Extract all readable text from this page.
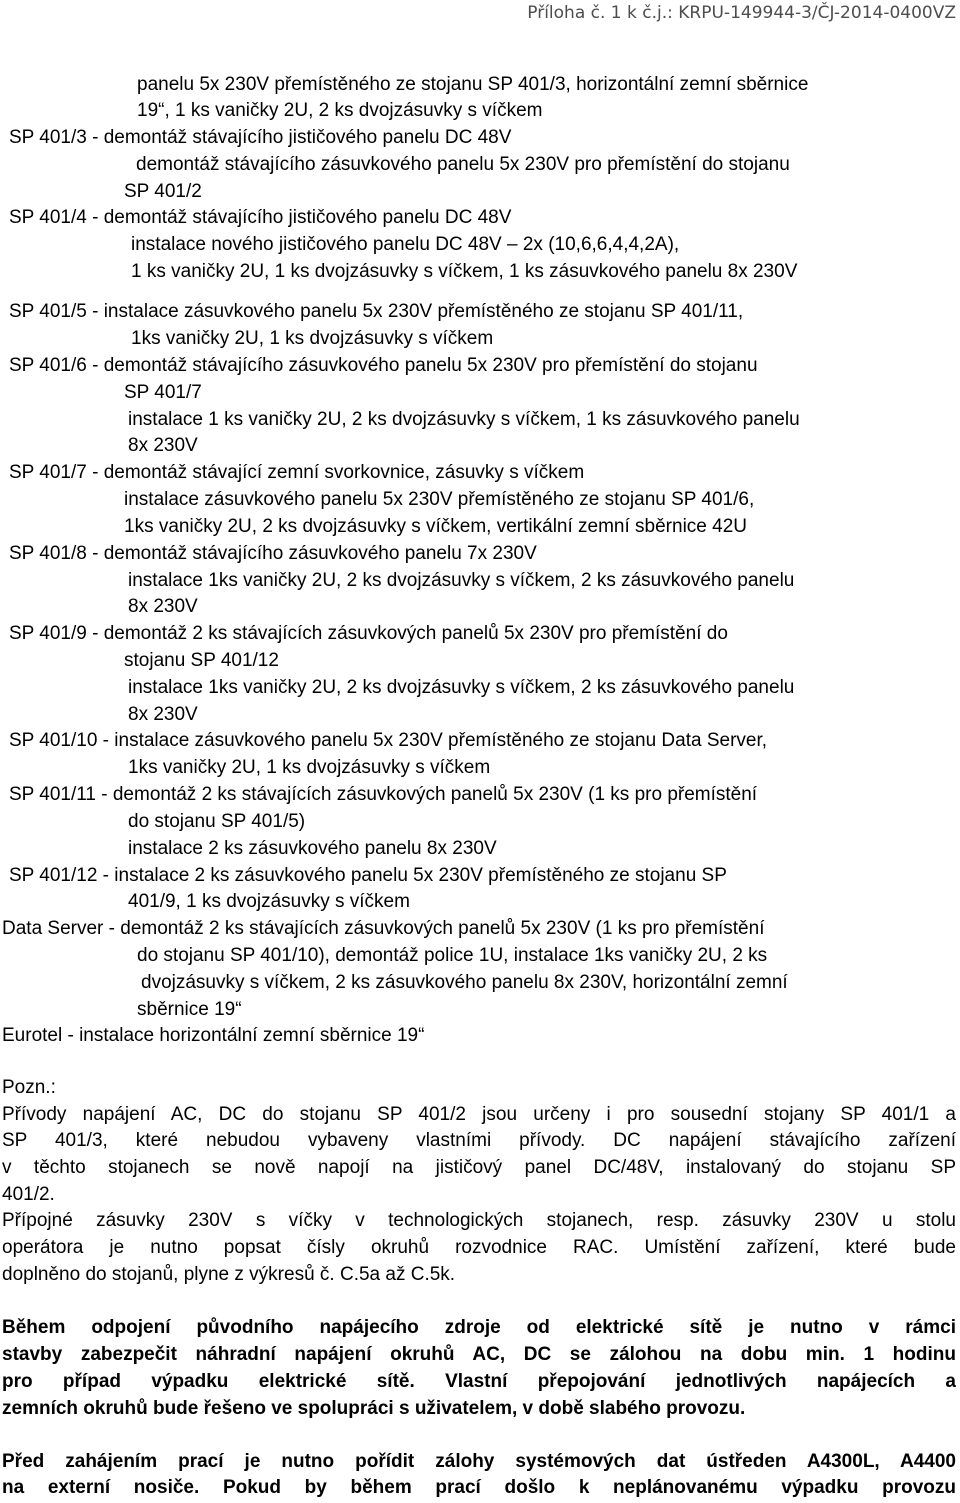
Příloha č. 1 k č.j.: KRPU-149944-3/ČJ-2014-0400VZ
panelu 5x 230V přemístěného ze stojanu SP 401/3, horizontální zemní sběrnice
19“, 1 ks vaničky 2U, 2 ks dvojzásuvky s víčkem
SP 401/3 - demontáž stávajícího jističového panelu DC 48V
demontáž stávajícího zásuvkového panelu 5x 230V pro přemístění do stojanu
SP 401/2
SP 401/4 - demontáž stávajícího jističového panelu DC 48V
instalace nového jističového panelu DC 48V – 2x (10,6,6,4,4,2A),
1 ks vaničky 2U, 1 ks dvojzásuvky s víčkem, 1 ks zásuvkového panelu 8x 230V
SP 401/5 - instalace zásuvkového panelu 5x 230V přemístěného ze stojanu SP 401/11,
1ks vaničky 2U, 1 ks dvojzásuvky s víčkem
SP 401/6 - demontáž stávajícího zásuvkového panelu 5x 230V pro přemístění do stojanu
SP 401/7
instalace 1 ks vaničky 2U, 2 ks dvojzásuvky s víčkem, 1 ks zásuvkového panelu
8x 230V
SP 401/7 - demontáž stávající zemní svorkovnice, zásuvky s víčkem
instalace zásuvkového panelu 5x 230V přemístěného ze stojanu SP 401/6,
1ks vaničky 2U, 2 ks dvojzásuvky s víčkem, vertikální zemní sběrnice 42U
SP 401/8 - demontáž stávajícího zásuvkového panelu 7x 230V
instalace 1ks vaničky 2U, 2 ks dvojzásuvky s víčkem, 2 ks zásuvkového panelu
8x 230V
SP 401/9 - demontáž 2 ks stávajících zásuvkových panelů 5x 230V pro přemístění do
stojanu SP 401/12
instalace 1ks vaničky 2U, 2 ks dvojzásuvky s víčkem, 2 ks zásuvkového panelu
8x 230V
SP 401/10 - instalace zásuvkového panelu 5x 230V přemístěného ze stojanu Data Server,
1ks vaničky 2U, 1 ks dvojzásuvky s víčkem
SP 401/11 - demontáž 2 ks stávajících zásuvkových panelů 5x 230V (1 ks pro přemístění
do stojanu SP 401/5)
instalace 2 ks zásuvkového panelu 8x 230V
SP 401/12 - instalace 2 ks zásuvkového panelu 5x 230V přemístěného ze stojanu SP
401/9, 1 ks dvojzásuvky s víčkem
Data Server - demontáž 2 ks stávajících zásuvkových panelů 5x 230V (1 ks pro přemístění
do stojanu SP 401/10), demontáž police 1U, instalace 1ks vaničky 2U, 2 ks
dvojzásuvky s víčkem, 2 ks zásuvkového panelu 8x 230V, horizontální zemní
sběrnice 19“
Eurotel - instalace horizontální zemní sběrnice 19“
Pozn.:
Přívody napájení AC, DC do stojanu SP 401/2 jsou určeny i pro sousední stojany SP 401/1 a
SP 401/3, které nebudou vybaveny vlastními přívody. DC napájení stávajícího zařízení
v těchto stojanech se nově napojí na jističový panel DC/48V, instalovaný do stojanu SP
401/2.
Přípojné zásuvky 230V s víčky v technologických stojanech, resp. zásuvky 230V u stolu
operátora je nutno popsat čísly okruhů rozvodnice RAC. Umístění zařízení, které bude
doplněno do stojanů, plyne z výkresů č. C.5a až C.5k.
Během odpojení původního napájecího zdroje od elektrické sítě je nutno v rámci
stavby zabezpečit náhradní napájení okruhů AC, DC se zálohou na dobu min. 1 hodinu
pro případ výpadku elektrické sítě. Vlastní přepojování jednotlivých napájecích a
zemních okruhů bude řešeno ve spolupráci s uživatelem, v době slabého provozu.
Před zahájením prací je nutno pořídit zálohy systémových dat ústředen A4300L, A4400
na externí nosiče. Pokud by během prací došlo k neplánovanému výpadku provozu
